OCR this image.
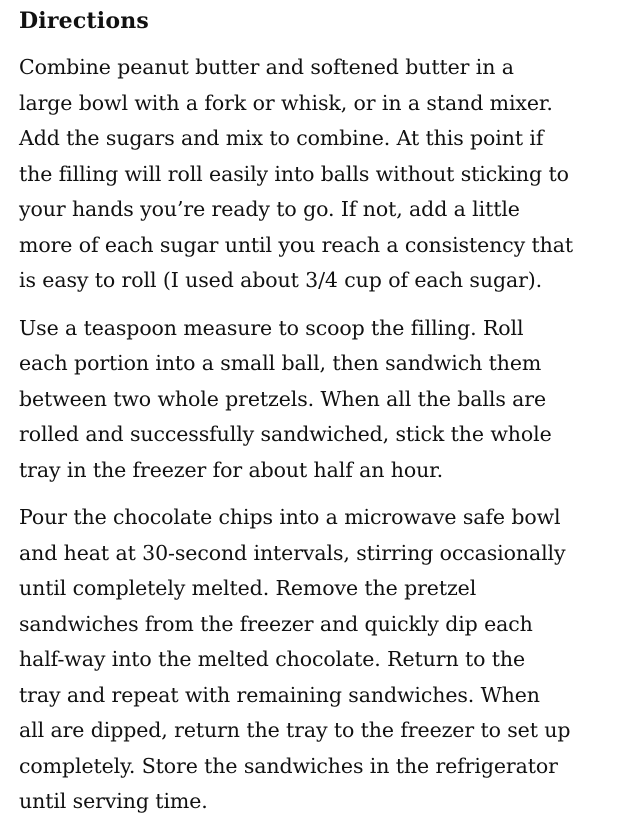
Directions

Combine peanut butter and softened butter in a
large bowl with a fork or whisk, or in a stand mixer.
Add the sugars and mix to combine. At this point if
the filling will roll easily into balls without sticking to
your hands you’re ready to go. If not, add a little
more of each sugar until you reach a consistency that
is easy to roll (I used about 3/4 cup of each sugar).

Use a teaspoon measure to scoop the filling. Roll
each portion into a small ball, then sandwich them
between two whole pretzels. When all the balls are
rolled and successfully sandwiched, stick the whole
tray in the freezer for about half an hour.

Pour the chocolate chips into a microwave safe bowl
and heat at 30-second intervals, stirring occasionally
until completely melted. Remove the pretzel
sandwiches from the freezer and quickly dip each
half-way into the melted chocolate. Return to the
tray and repeat with remaining sandwiches. When
all are dipped, return the tray to the freezer to set up
completely. Store the sandwiches in the refrigerator
until serving time.
